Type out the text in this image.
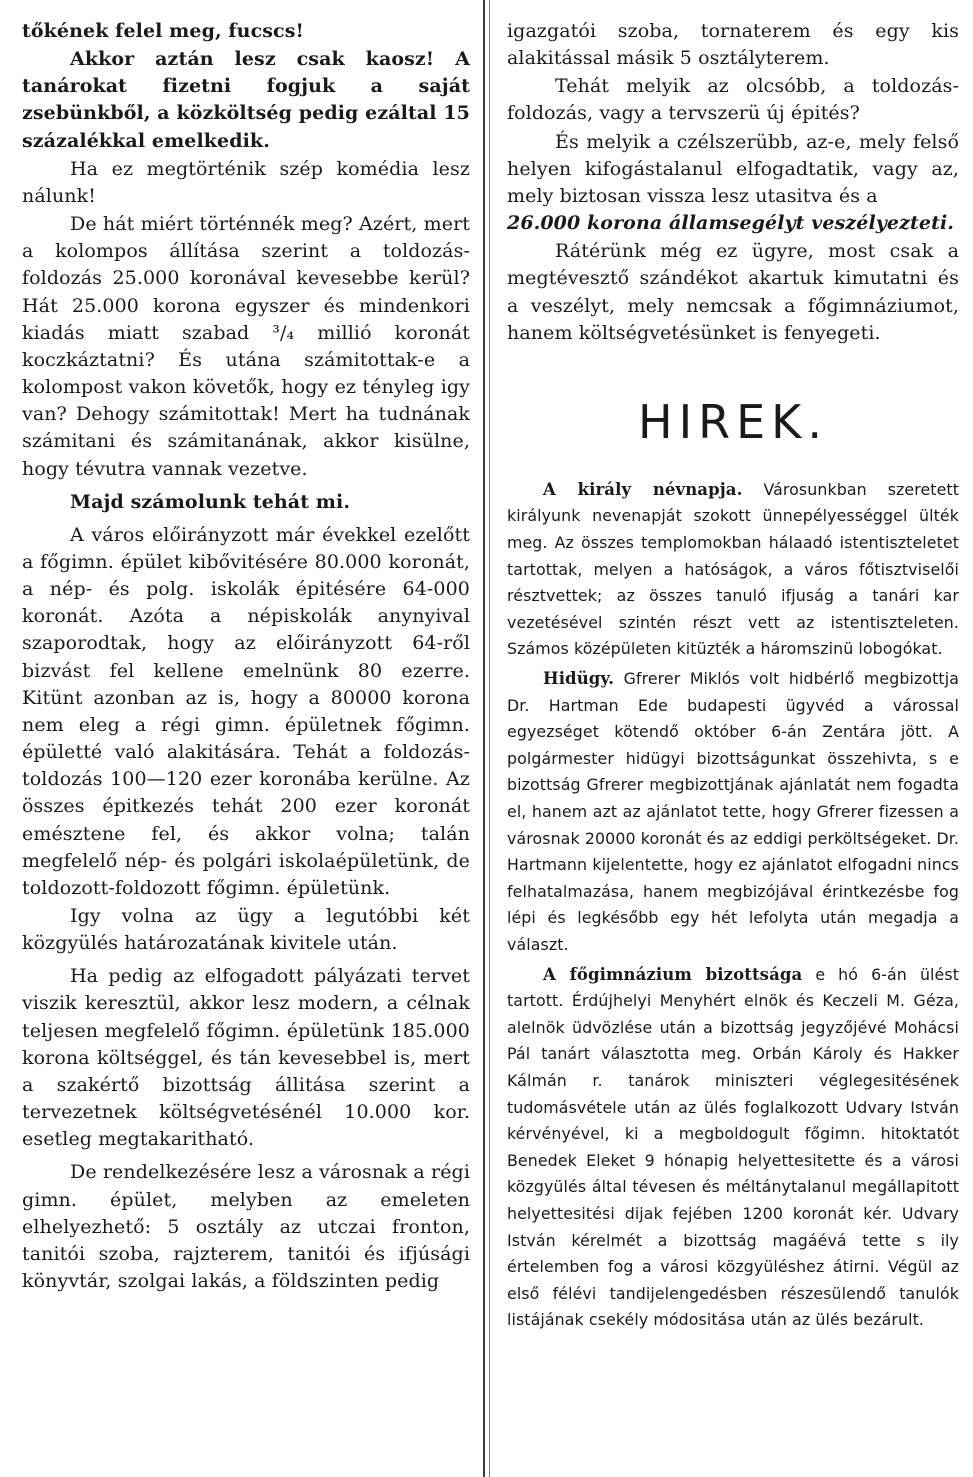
tőkének felel meg, fucscs!

Akkor aztán lesz csak kaosz! A tanárokat fizetni fogjuk a saját zsebünkből, a közköltség pedig ezáltal 15 százalékkal emelkedik.

Ha ez megtörténik szép komédia lesz nálunk!

De hát miért történnék meg? Azért, mert a kolompos állítása szerint a toldozás-foldozás 25.000 koronával kevesebbe kerül? Hát 25.000 korona egyszer és mindenkori kiadás miatt szabad ³/₄ millió koronát koczkáztatni? És utána számitottak-e a kolompost vakon követők, hogy ez tényleg igy van? Dehogy számitottak! Mert ha tudnának számitani és számitanának, akkor kisülne, hogy tévutra vannak vezetve.

Majd számolunk tehát mi.

A város előirányzott már évekkel ezelőtt a főgimn. épület kibővitésére 80.000 koronát, a nép- és polg. iskolák épitésére 64-000 koronát. Azóta a népiskolák anynyival szaporodtak, hogy az előirányzott 64-ről bizvást fel kellene emelnünk 80 ezerre. Kitünt azonban az is, hogy a 80000 korona nem eleg a régi gimn. épületnek főgimn. épületté való alakitására. Tehát a foldozás-toldozás 100—120 ezer koronába kerülne. Az összes épitkezés tehát 200 ezer koronát emésztene fel, és akkor volna; talán megfelelő nép- és polgári iskolaépületünk, de toldozott-foldozott főgimn. épületünk.

Igy volna az ügy a legutóbbi két közgyülés határozatának kivitele után.

Ha pedig az elfogadott pályázati tervet viszik keresztül, akkor lesz modern, a célnak teljesen megfelelő főgimn. épületünk 185.000 korona költséggel, és tán kevesebbel is, mert a szakértő bizottság állitása szerint a tervezetnek költségvetésénél 10.000 kor. esetleg megtakaritható.

De rendelkezésére lesz a városnak a régi gimn. épület, melyben az emeleten elhelyezhető: 5 osztály az utczai fronton, tanitói szoba, rajzterem, tanitói és ifjúsági könyvtár, szolgai lakás, a földszinten pedig

igazgatói szoba, tornaterem és egy kis alakitással másik 5 osztályterem.

Tehát melyik az olcsóbb, a toldozás-foldozás, vagy a tervszerü új épités?

És melyik a czélszerübb, az-e, mely felső helyen kifogástalanul elfogadtatik, vagy az, mely biztosan vissza lesz utasitva és a

26.000 korona államsegélyt veszélyezteti.

Rátérünk még ez ügyre, most csak a megtévesztő szándékot akartuk kimutatni és a veszélyt, mely nemcsak a főgimnáziumot, hanem költségvetésünket is fenyegeti.

HIREK.

A király névnapja. Városunkban szeretett királyunk nevenapját szokott ünnepélyességgel ülték meg. Az összes templomokban hálaadó istentiszteletet tartottak, melyen a hatóságok, a város főtisztviselői résztvettek; az összes tanuló ifjuság a tanári kar vezetésével szintén részt vett az istentiszteleten. Számos középületen kitüzték a háromszinü lobogókat.

Hidügy. Gfrerer Miklós volt hidbérlő megbizottja Dr. Hartman Ede budapesti ügyvéd a várossal egyezséget kötendő október 6-án Zentára jött. A polgármester hidügyi bizottságunkat összehivta, s e bizottság Gfrerer megbizottjának ajánlatát nem fogadta el, hanem azt az ajánlatot tette, hogy Gfrerer fizessen a városnak 20000 koronát és az eddigi perköltségeket. Dr. Hartmann kijelentette, hogy ez ajánlatot elfogadni nincs felhatalmazása, hanem megbizójával érintkezésbe fog lépi és legkésőbb egy hét lefolyta után megadja a választ.

A főgimnázium bizottsága e hó 6-án ülést tartott. Érdújhelyi Menyhért elnök és Keczeli M. Géza, alelnök üdvözlése után a bizottság jegyzőjévé Mohácsi Pál tanárt választotta meg. Orbán Károly és Hakker Kálmán r. tanárok miniszteri véglegesitésének tudomásvétele után az ülés foglalkozott Udvary István kérvényével, ki a megboldogult főgimn. hitoktatót Benedek Eleket 9 hónapig helyettesitette és a városi közgyülés által tévesen és méltánytalanul megállapitott helyettesitési dijak fejében 1200 koronát kér. Udvary István kérelmét a bizottság magáévá tette s ily értelemben fog a városi közgyüléshez átirni. Végül az első félévi tandijelengedésben részesülendő tanulók listájának csekély módositása után az ülés bezárult.
